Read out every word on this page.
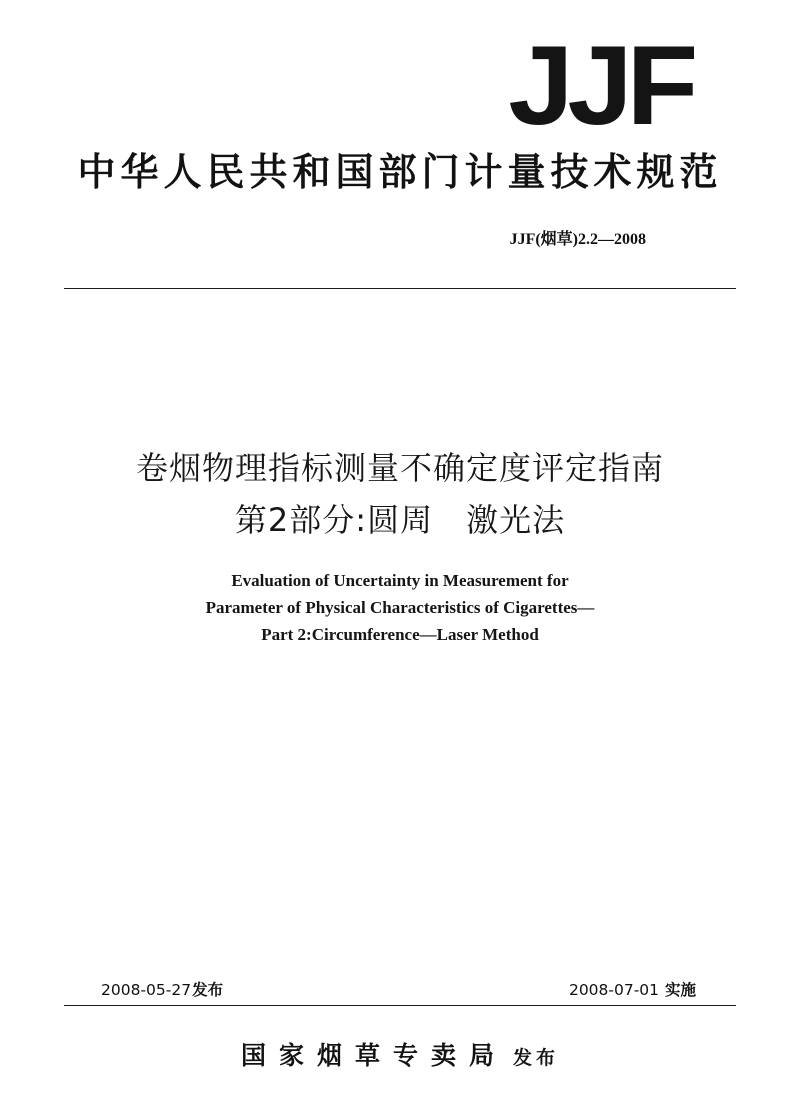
JJF
中华人民共和国部门计量技术规范
JJF(烟草)2.2—2008
卷烟物理指标测量不确定度评定指南
第2部分:圆周　激光法
Evaluation of Uncertainty in Measurement for
Parameter of Physical Characteristics of Cigarettes—
Part 2:Circumference—Laser Method
2008-05-27发布	2008-07-01 实施
国家烟草专卖局 发布
